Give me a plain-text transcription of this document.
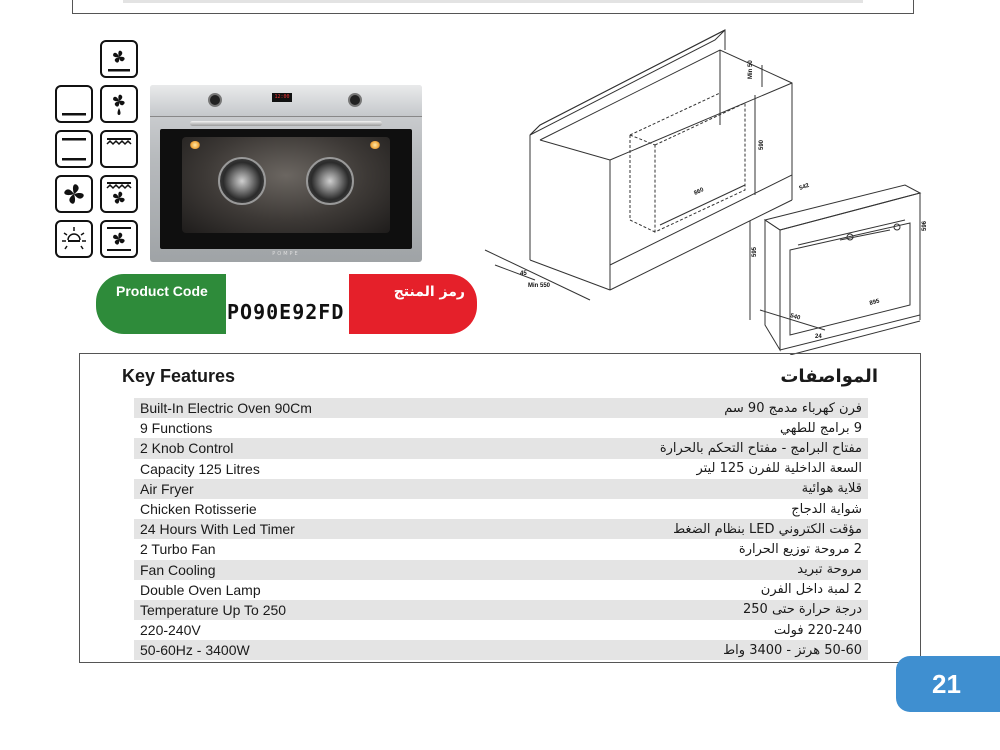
12:00
POMPE
Product Code
PO90E92FD
رمز المنتج
Min 50
590
860
45
Min 550
595
542
596
895
540
24
Key Features	المواصفات
Built-In Electric Oven 90Cm	فرن كهرباء مدمج 90 سم
9 Functions	9 برامج للطهي
2 Knob Control	مفتاح البرامج - مفتاح التحكم بالحرارة
Capacity 125 Litres	السعة الداخلية للفرن 125 ليتر
Air Fryer	قلاية هوائية
Chicken Rotisserie	شواية الدجاج
24 Hours With Led Timer	مؤقت الكتروني LED بنظام الضغط
2 Turbo Fan	2 مروحة توزيع الحرارة
Fan Cooling	مروحة تبريد
Double Oven Lamp	2 لمبة داخل الفرن
Temperature Up To 250	درجة حرارة حتى 250
220-240V	220-240 فولت
50-60Hz - 3400W	50-60 هرتز - 3400 واط
21
